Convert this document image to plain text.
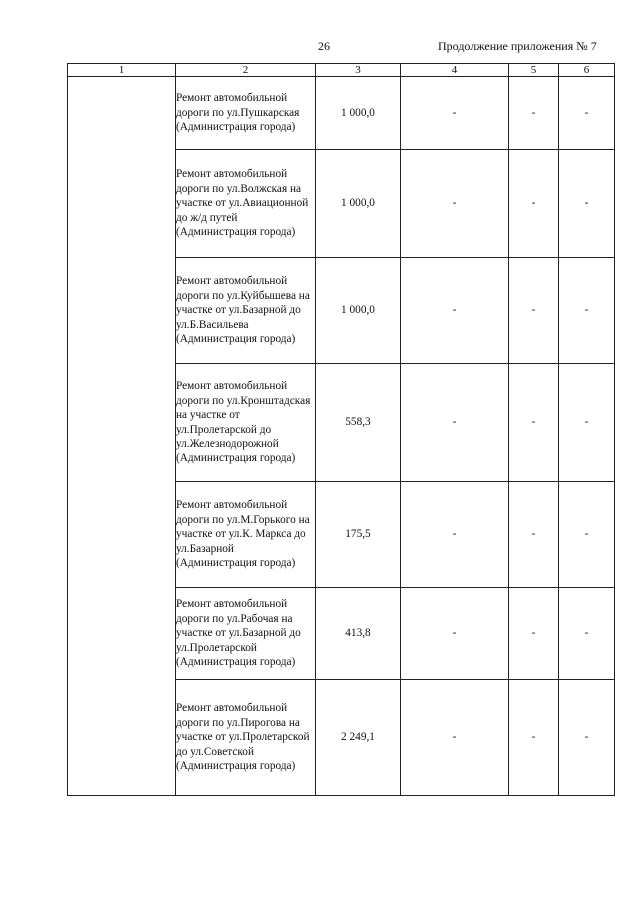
26	Продолжение приложения № 7
1	2	3	4	5	6
	Ремонт автомобильной дороги по ул.Пушкарская (Администрация города)	1 000,0	-	-	-
	Ремонт автомобильной дороги по ул.Волжская на участке от ул.Авиационной до ж/д путей (Администрация города)	1 000,0	-	-	-
	Ремонт автомобильной дороги по ул.Куйбышева на участке от ул.Базарной до ул.Б.Васильева (Администрация города)	1 000,0	-	-	-
	Ремонт автомобильной дороги по ул.Кронштадская на участке от ул.Пролетарской до ул.Железнодорожной (Администрация города)	558,3	-	-	-
	Ремонт автомобильной дороги по ул.М.Горького на участке от ул.К. Маркса до ул.Базарной (Администрация города)	175,5	-	-	-
	Ремонт автомобильной дороги по ул.Рабочая на участке от ул.Базарной до ул.Пролетарской (Администрация города)	413,8	-	-	-
	Ремонт автомобильной дороги по ул.Пирогова на участке от ул.Пролетарской до ул.Советской (Администрация города)	2 249,1	-	-	-
